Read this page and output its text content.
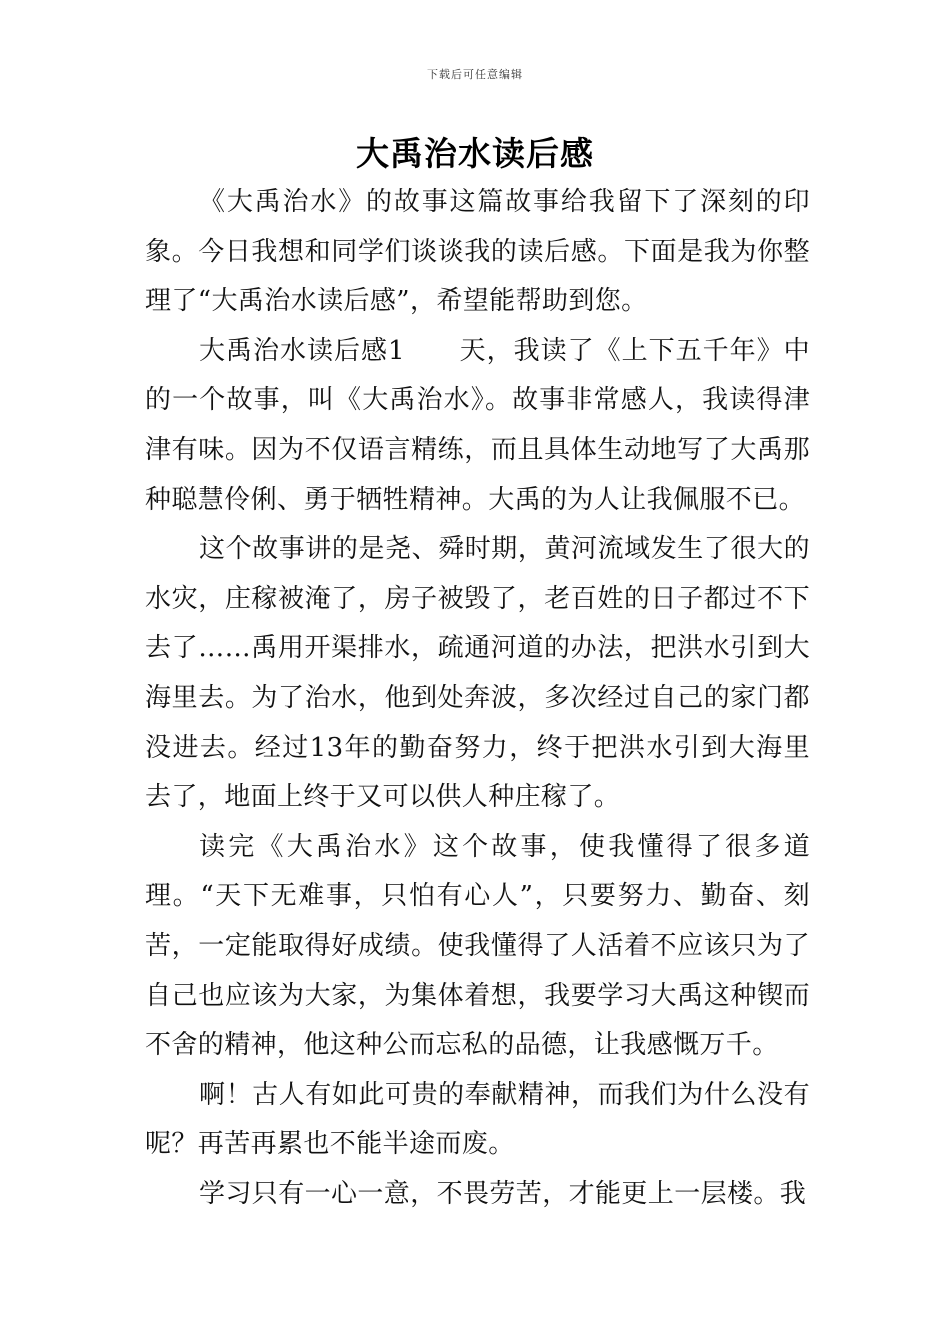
下载后可任意编辑
大禹治水读后感

《大禹治水》的故事这篇故事给我留下了深刻的印象。今日我想和同学们谈谈我的读后感。下面是我为你整理了“大禹治水读后感”，希望能帮助到您。

大禹治水读后感1　　天，我读了《上下五千年》中的一个故事，叫《大禹治水》。故事非常感人，我读得津津有味。因为不仅语言精练，而且具体生动地写了大禹那种聪慧伶俐、勇于牺牲精神。大禹的为人让我佩服不已。

这个故事讲的是尧、舜时期，黄河流域发生了很大的水灾，庄稼被淹了，房子被毁了，老百姓的日子都过不下去了……禹用开渠排水，疏通河道的办法，把洪水引到大海里去。为了治水，他到处奔波，多次经过自己的家门都没进去。经过13年的勤奋努力，终于把洪水引到大海里去了，地面上终于又可以供人种庄稼了。

读完《大禹治水》这个故事，使我懂得了很多道理。“天下无难事，只怕有心人”，只要努力、勤奋、刻苦，一定能取得好成绩。使我懂得了人活着不应该只为了自己也应该为大家，为集体着想，我要学习大禹这种锲而不舍的精神，他这种公而忘私的品德，让我感慨万千。

啊！古人有如此可贵的奉献精神，而我们为什么没有呢？再苦再累也不能半途而废。

学习只有一心一意，不畏劳苦，才能更上一层楼。我
